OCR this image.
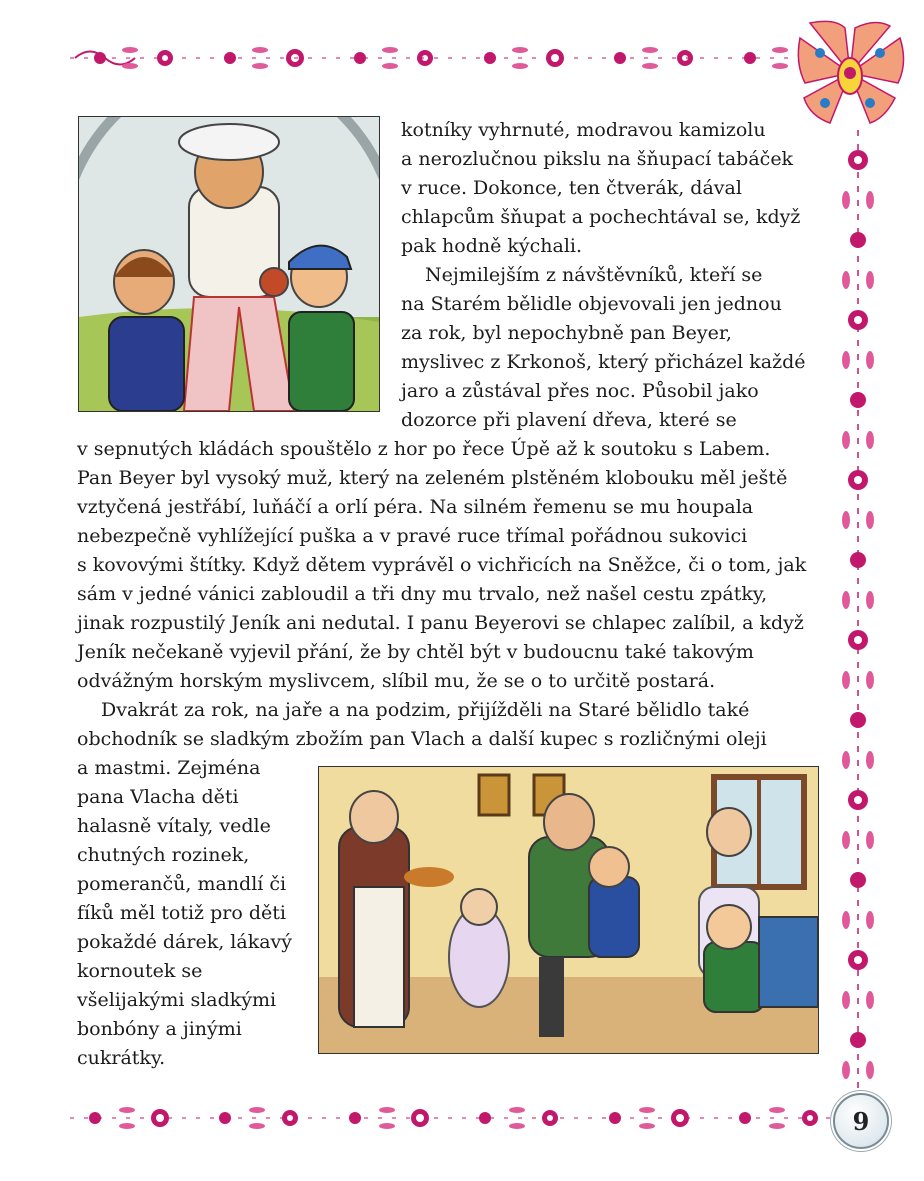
kotníky vyhrnuté, modravou kamizolu
a nerozlučnou pikslu na šňupací tabáček
v ruce. Dokonce, ten čtverák, dával
chlapcům šňupat a pochechtával se, když
pak hodně kýchali.
Nejmilejším z návštěvníků, kteří se
na Starém bělidle objevovali jen jednou
za rok, byl nepochybně pan Beyer,
myslivec z Krkonoš, který přicházel každé
jaro a zůstával přes noc. Působil jako
dozorce při plavení dřeva, které se
v sepnutých kládách spouštělo z hor po řece Úpě až k soutoku s Labem.
Pan Beyer byl vysoký muž, který na zeleném plstěném klobouku měl ještě
vztyčená jestřábí, luňáčí a orlí péra. Na silném řemenu se mu houpala
nebezpečně vyhlížející puška a v pravé ruce třímal pořádnou sukovici
s kovovými štítky. Když dětem vyprávěl o vichřicích na Sněžce, či o tom, jak
sám v jedné vánici zabloudil a tři dny mu trvalo, než našel cestu zpátky,
jinak rozpustilý Jeník ani nedutal. I panu Beyerovi se chlapec zalíbil, a když
Jeník nečekaně vyjevil přání, že by chtěl být v budoucnu také takovým
odvážným horským myslivcem, slíbil mu, že se o to určitě postará.
Dvakrát za rok, na jaře a na podzim, přijížděli na Staré bělidlo také
obchodník se sladkým zbožím pan Vlach a další kupec s rozličnými oleji
a mastmi. Zejména
pana Vlacha děti
halasně vítaly, vedle
chutných rozinek,
pomerančů, mandlí či
fíků měl totiž pro děti
pokaždé dárek, lákavý
kornoutek se
všelijakými sladkými
bonbóny a jinými
cukrátky.
9
